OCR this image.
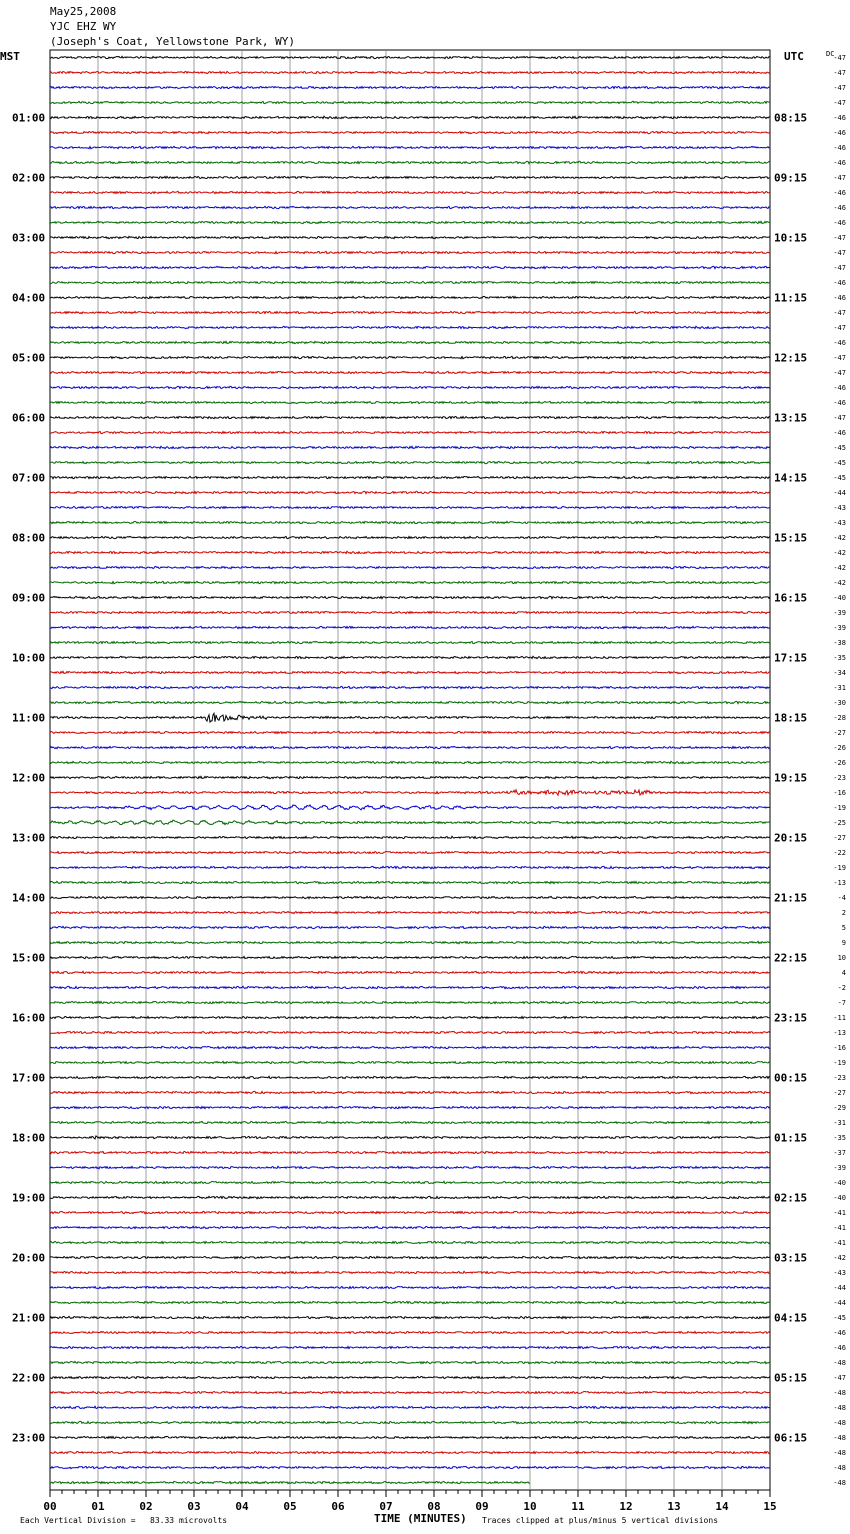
May25,2008
YJC EHZ WY
(Joseph's Coat, Yellowstone Park, WY)
MST	UTC	DC
01:00
02:00
03:00
04:00
05:00
06:00
07:00
08:00
09:00
10:00
11:00
12:00
13:00
14:00
15:00
16:00
17:00
18:00
19:00
20:00
21:00
22:00
23:00
08:15
09:15
10:15
11:15
12:15
13:15
14:15
15:15
16:15
17:15
18:15
19:15
20:15
21:15
22:15
23:15
00:15
01:15
02:15
03:15
04:15
05:15
06:15
-47
-47
-47
-47
-46
-46
-46
-46
-47
-46
-46
-46
-47
-47
-47
-46
-46
-47
-47
-46
-47
-47
-46
-46
-47
-46
-45
-45
-45
-44
-43
-43
-42
-42
-42
-42
-40
-39
-39
-38
-35
-34
-31
-30
-28
-27
-26
-26
-23
-16
-19
-25
-27
-22
-19
-13
-4
2
5
9
10
4
-2
-7
-11
-13
-16
-19
-23
-27
-29
-31
-35
-37
-39
-40
-40
-41
-41
-41
-42
-43
-44
-44
-45
-46
-46
-48
-47
-48
-48
-48
-48
-48
-48
-48
00	01	02	03	04	05	06	07	08	09	10	11	12	13	14	15
Each Vertical Division =   83.33 microvolts	TIME (MINUTES) Traces clipped at plus/minus 5 vertical divisions
